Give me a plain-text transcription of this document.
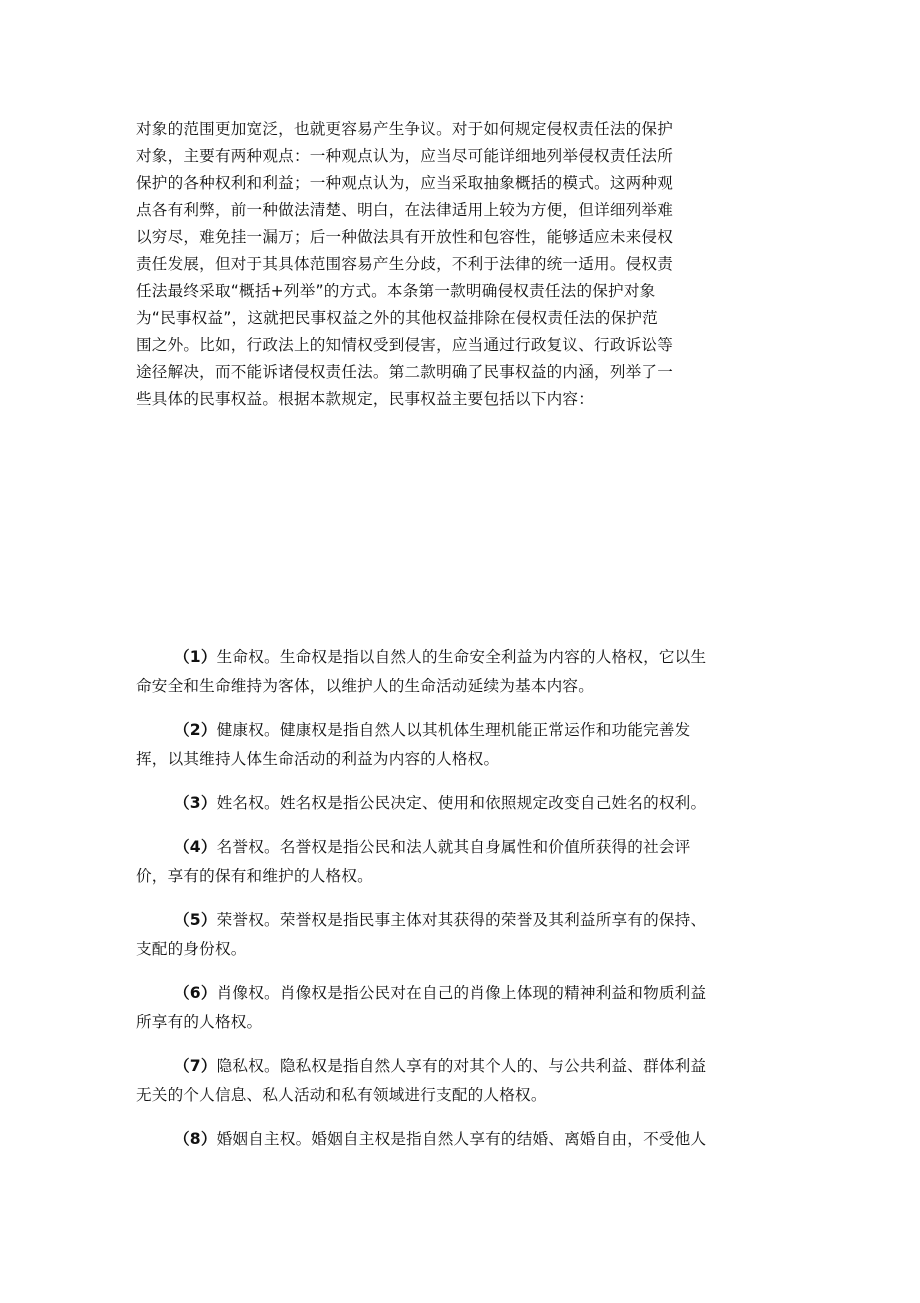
对象的范围更加宽泛，也就更容易产生争议。对于如何规定侵权责任法的保护
对象，主要有两种观点：一种观点认为，应当尽可能详细地列举侵权责任法所
保护的各种权利和利益；一种观点认为，应当采取抽象概括的模式。这两种观
点各有利弊，前一种做法清楚、明白，在法律适用上较为方便，但详细列举难
以穷尽，难免挂一漏万；后一种做法具有开放性和包容性，能够适应未来侵权
责任发展，但对于其具体范围容易产生分歧，不利于法律的统一适用。侵权责
任法最终采取“概括+列举”的方式。本条第一款明确侵权责任法的保护对象
为“民事权益”，这就把民事权益之外的其他权益排除在侵权责任法的保护范
围之外。比如，行政法上的知情权受到侵害，应当通过行政复议、行政诉讼等
途径解决，而不能诉诸侵权责任法。第二款明确了民事权益的内涵，列举了一
些具体的民事权益。根据本款规定，民事权益主要包括以下内容：
（1）生命权。生命权是指以自然人的生命安全利益为内容的人格权，它以生
命安全和生命维持为客体，以维护人的生命活动延续为基本内容。
（2）健康权。健康权是指自然人以其机体生理机能正常运作和功能完善发
挥，以其维持人体生命活动的利益为内容的人格权。
（3）姓名权。姓名权是指公民决定、使用和依照规定改变自己姓名的权利。
（4）名誉权。名誉权是指公民和法人就其自身属性和价值所获得的社会评
价，享有的保有和维护的人格权。
（5）荣誉权。荣誉权是指民事主体对其获得的荣誉及其利益所享有的保持、
支配的身份权。
（6）肖像权。肖像权是指公民对在自己的肖像上体现的精神利益和物质利益
所享有的人格权。
（7）隐私权。隐私权是指自然人享有的对其个人的、与公共利益、群体利益
无关的个人信息、私人活动和私有领域进行支配的人格权。
（8）婚姻自主权。婚姻自主权是指自然人享有的结婚、离婚自由，不受他人
